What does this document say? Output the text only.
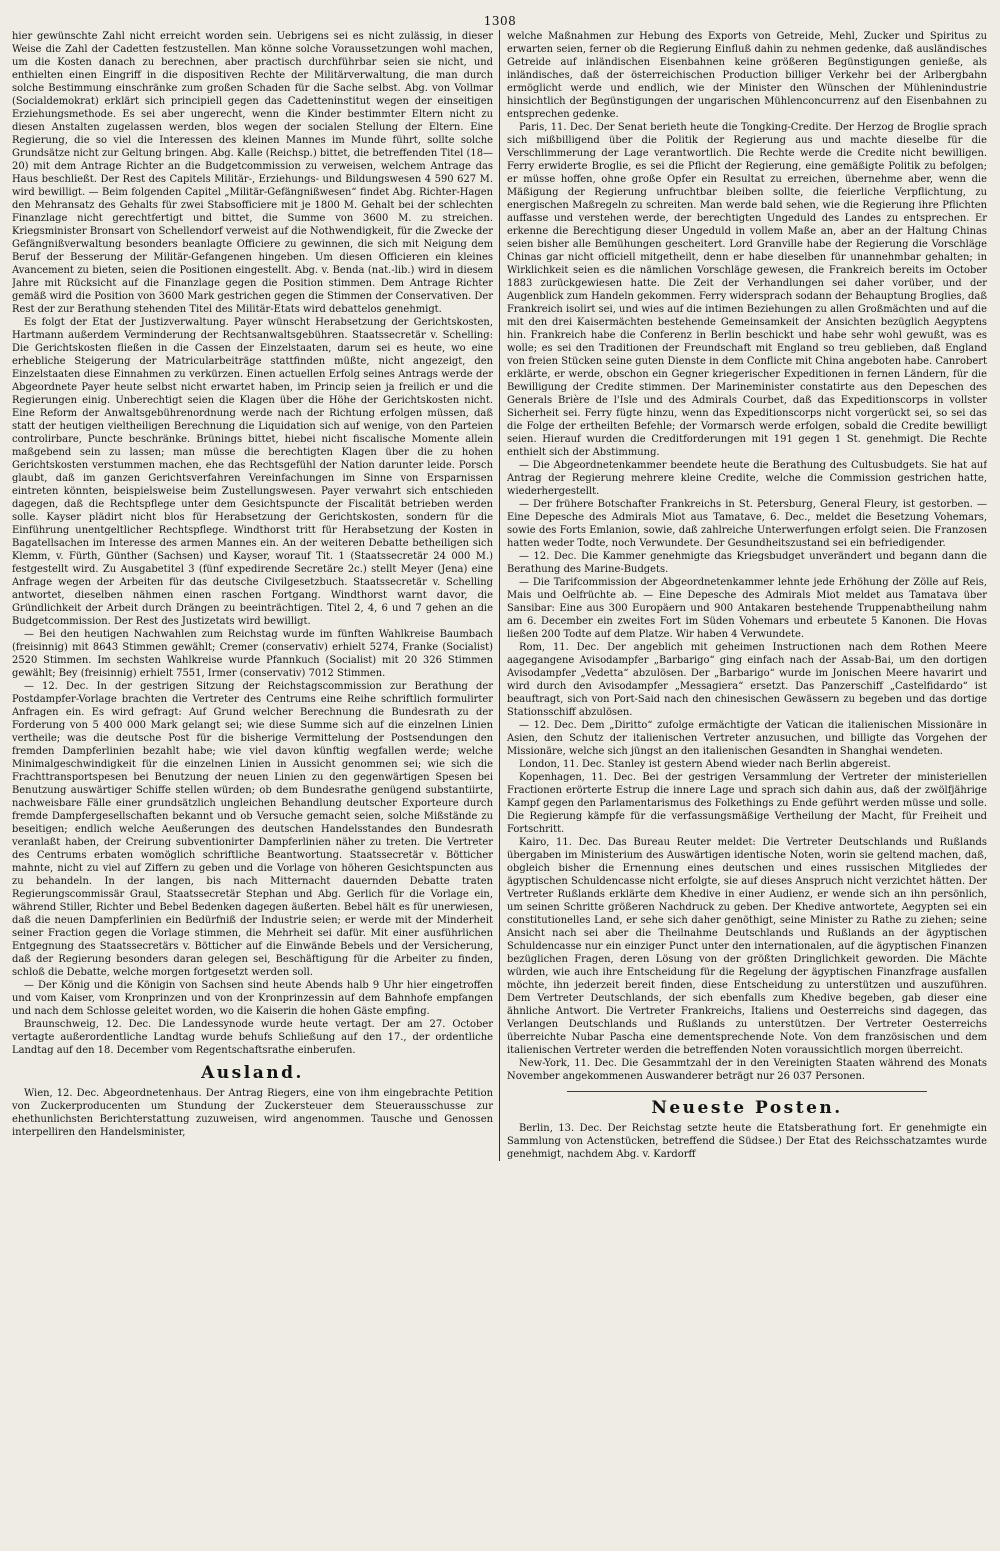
1308

hier gewünschte Zahl nicht erreicht worden sein. Uebrigens sei es nicht zulässig, in dieser Weise die Zahl der Cadetten festzustellen. Man könne solche Voraussetzungen wohl machen, um die Kosten danach zu berechnen, aber practisch durchführbar seien sie nicht, und enthielten einen Eingriff in die dispositiven Rechte der Militärverwaltung, die man durch solche Bestimmung einschränke zum großen Schaden für die Sache selbst. Abg. von Vollmar (Socialdemokrat) erklärt sich principiell gegen das Cadetteninstitut wegen der einseitigen Erziehungsmethode. Es sei aber ungerecht, wenn die Kinder bestimmter Eltern nicht zu diesen Anstalten zugelassen werden, blos wegen der socialen Stellung der Eltern. Eine Regierung, die so viel die Interessen des kleinen Mannes im Munde führt, sollte solche Grundsätze nicht zur Geltung bringen. Abg. Kalle (Reichsp.) bittet, die betreffenden Titel (18—20) mit dem Antrage Richter an die Budgetcommission zu verweisen, welchem Antrage das Haus beschließt. Der Rest des Capitels Militär-, Erziehungs- und Bildungswesen 4 590 627 M. wird bewilligt. — Beim folgenden Capitel „Militär-Gefängnißwesen“ findet Abg. Richter-Hagen den Mehransatz des Gehalts für zwei Stabsofficiere mit je 1800 M. Gehalt bei der schlechten Finanzlage nicht gerechtfertigt und bittet, die Summe von 3600 M. zu streichen. Kriegsminister Bronsart von Schellendorf verweist auf die Nothwendigkeit, für die Zwecke der Gefängnißverwaltung besonders beanlagte Officiere zu gewinnen, die sich mit Neigung dem Beruf der Besserung der Militär-Gefangenen hingeben. Um diesen Officieren ein kleines Avancement zu bieten, seien die Positionen eingestellt. Abg. v. Benda (nat.-lib.) wird in diesem Jahre mit Rücksicht auf die Finanzlage gegen die Position stimmen. Dem Antrage Richter gemäß wird die Position von 3600 Mark gestrichen gegen die Stimmen der Conservativen. Der Rest der zur Berathung stehenden Titel des Militär-Etats wird debattelos genehmigt.

Es folgt der Etat der Justizverwaltung. Payer wünscht Herabsetzung der Gerichtskosten, Hartmann außerdem Verminderung der Rechtsanwaltsgebühren. Staatssecretär v. Schelling: Die Gerichtskosten fließen in die Cassen der Einzelstaaten, darum sei es heute, wo eine erhebliche Steigerung der Matricularbeiträge stattfinden müßte, nicht angezeigt, den Einzelstaaten diese Einnahmen zu verkürzen. Einen actuellen Erfolg seines Antrags werde der Abgeordnete Payer heute selbst nicht erwartet haben, im Princip seien ja freilich er und die Regierungen einig. Unberechtigt seien die Klagen über die Höhe der Gerichtskosten nicht. Eine Reform der Anwaltsgebührenordnung werde nach der Richtung erfolgen müssen, daß statt der heutigen vieltheiligen Berechnung die Liquidation sich auf wenige, von den Parteien controlirbare, Puncte beschränke. Brünings bittet, hiebei nicht fiscalische Momente allein maßgebend sein zu lassen; man müsse die berechtigten Klagen über die zu hohen Gerichtskosten verstummen machen, ehe das Rechtsgefühl der Nation darunter leide. Porsch glaubt, daß im ganzen Gerichtsverfahren Vereinfachungen im Sinne von Ersparnissen eintreten könnten, beispielsweise beim Zustellungswesen. Payer verwahrt sich entschieden dagegen, daß die Rechtspflege unter dem Gesichtspuncte der Fiscalität betrieben werden solle. Kayser plädirt nicht blos für Herabsetzung der Gerichtskosten, sondern für die Einführung unentgeltlicher Rechtspflege. Windthorst tritt für Herabsetzung der Kosten in Bagatellsachen im Interesse des armen Mannes ein. An der weiteren Debatte betheiligen sich Klemm, v. Fürth, Günther (Sachsen) und Kayser, worauf Tit. 1 (Staatssecretär 24 000 M.) festgestellt wird. Zu Ausgabetitel 3 (fünf expedirende Secretäre 2c.) stellt Meyer (Jena) eine Anfrage wegen der Arbeiten für das deutsche Civilgesetzbuch. Staatssecretär v. Schelling antwortet, dieselben nähmen einen raschen Fortgang. Windthorst warnt davor, die Gründlichkeit der Arbeit durch Drängen zu beeinträchtigen. Titel 2, 4, 6 und 7 gehen an die Budgetcommission. Der Rest des Justizetats wird bewilligt.

— Bei den heutigen Nachwahlen zum Reichstag wurde im fünften Wahlkreise Baumbach (freisinnig) mit 8643 Stimmen gewählt; Cremer (conservativ) erhielt 5274, Franke (Socialist) 2520 Stimmen. Im sechsten Wahlkreise wurde Pfannkuch (Socialist) mit 20 326 Stimmen gewählt; Bey (freisinnig) erhielt 7551, Irmer (conservativ) 7012 Stimmen.

— 12. Dec. In der gestrigen Sitzung der Reichstagscommission zur Berathung der Postdampfer-Vorlage brachten die Vertreter des Centrums eine Reihe schriftlich formulirter Anfragen ein. Es wird gefragt: Auf Grund welcher Berechnung die Bundesrath zu der Forderung von 5 400 000 Mark gelangt sei; wie diese Summe sich auf die einzelnen Linien vertheile; was die deutsche Post für die bisherige Vermittelung der Postsendungen den fremden Dampferlinien bezahlt habe; wie viel davon künftig wegfallen werde; welche Minimalgeschwindigkeit für die einzelnen Linien in Aussicht genommen sei; wie sich die Frachttransportspesen bei Benutzung der neuen Linien zu den gegenwärtigen Spesen bei Benutzung auswärtiger Schiffe stellen würden; ob dem Bundesrathe genügend substantiirte, nachweisbare Fälle einer grundsätzlich ungleichen Behandlung deutscher Exporteure durch fremde Dampfergesellschaften bekannt und ob Versuche gemacht seien, solche Mißstände zu beseitigen; endlich welche Aeußerungen des deutschen Handelsstandes den Bundesrath veranlaßt haben, der Creirung subventionirter Dampferlinien näher zu treten. Die Vertreter des Centrums erbaten womöglich schriftliche Beantwortung. Staatssecretär v. Bötticher mahnte, nicht zu viel auf Ziffern zu geben und die Vorlage von höheren Gesichtspuncten aus zu behandeln. In der langen, bis nach Mitternacht dauernden Debatte traten Regierungscommissär Graul, Staatssecretär Stephan und Abg. Gerlich für die Vorlage ein, während Stiller, Richter und Bebel Bedenken dagegen äußerten. Bebel hält es für unerwiesen, daß die neuen Dampferlinien ein Bedürfniß der Industrie seien; er werde mit der Minderheit seiner Fraction gegen die Vorlage stimmen, die Mehrheit sei dafür. Mit einer ausführlichen Entgegnung des Staatssecretärs v. Bötticher auf die Einwände Bebels und der Versicherung, daß der Regierung besonders daran gelegen sei, Beschäftigung für die Arbeiter zu finden, schloß die Debatte, welche morgen fortgesetzt werden soll.

— Der König und die Königin von Sachsen sind heute Abends halb 9 Uhr hier eingetroffen und vom Kaiser, vom Kronprinzen und von der Kronprinzessin auf dem Bahnhofe empfangen und nach dem Schlosse geleitet worden, wo die Kaiserin die hohen Gäste empfing.

Braunschweig, 12. Dec. Die Landessynode wurde heute vertagt. Der am 27. October vertagte außerordentliche Landtag wurde behufs Schließung auf den 17., der ordentliche Landtag auf den 18. December vom Regentschaftsrathe einberufen.

Ausland.

Wien, 12. Dec. Abgeordnetenhaus. Der Antrag Riegers, eine von ihm eingebrachte Petition von Zuckerproducenten um Stundung der Zuckersteuer dem Steuerausschusse zur ehethunlichsten Berichterstattung zuzuweisen, wird angenommen. Tausche und Genossen interpelliren den Handelsminister,

welche Maßnahmen zur Hebung des Exports von Getreide, Mehl, Zucker und Spiritus zu erwarten seien, ferner ob die Regierung Einfluß dahin zu nehmen gedenke, daß ausländisches Getreide auf inländischen Eisenbahnen keine größeren Begünstigungen genieße, als inländisches, daß der österreichischen Production billiger Verkehr bei der Arlbergbahn ermöglicht werde und endlich, wie der Minister den Wünschen der Mühlenindustrie hinsichtlich der Begünstigungen der ungarischen Mühlenconcurrenz auf den Eisenbahnen zu entsprechen gedenke.

Paris, 11. Dec. Der Senat berieth heute die Tongking-Credite. Der Herzog de Broglie sprach sich mißbilligend über die Politik der Regierung aus und machte dieselbe für die Verschlimmerung der Lage verantwortlich. Die Rechte werde die Credite nicht bewilligen. Ferry erwiderte Broglie, es sei die Pflicht der Regierung, eine gemäßigte Politik zu befolgen; er müsse hoffen, ohne große Opfer ein Resultat zu erreichen, übernehme aber, wenn die Mäßigung der Regierung unfruchtbar bleiben sollte, die feierliche Verpflichtung, zu energischen Maßregeln zu schreiten. Man werde bald sehen, wie die Regierung ihre Pflichten auffasse und verstehen werde, der berechtigten Ungeduld des Landes zu entsprechen. Er erkenne die Berechtigung dieser Ungeduld in vollem Maße an, aber an der Haltung Chinas seien bisher alle Bemühungen gescheitert. Lord Granville habe der Regierung die Vorschläge Chinas gar nicht officiell mitgetheilt, denn er habe dieselben für unannehmbar gehalten; in Wirklichkeit seien es die nämlichen Vorschläge gewesen, die Frankreich bereits im October 1883 zurückgewiesen hatte. Die Zeit der Verhandlungen sei daher vorüber, und der Augenblick zum Handeln gekommen. Ferry widersprach sodann der Behauptung Broglies, daß Frankreich isolirt sei, und wies auf die intimen Beziehungen zu allen Großmächten und auf die mit den drei Kaisermächten bestehende Gemeinsamkeit der Ansichten bezüglich Aegyptens hin. Frankreich habe die Conferenz in Berlin beschickt und habe sehr wohl gewußt, was es wolle; es sei den Traditionen der Freundschaft mit England so treu geblieben, daß England von freien Stücken seine guten Dienste in dem Conflicte mit China angeboten habe. Canrobert erklärte, er werde, obschon ein Gegner kriegerischer Expeditionen in fernen Ländern, für die Bewilligung der Credite stimmen. Der Marineminister constatirte aus den Depeschen des Generals Brière de l'Isle und des Admirals Courbet, daß das Expeditionscorps in vollster Sicherheit sei. Ferry fügte hinzu, wenn das Expeditionscorps nicht vorgerückt sei, so sei das die Folge der ertheilten Befehle; der Vormarsch werde erfolgen, sobald die Credite bewilligt seien. Hierauf wurden die Creditforderungen mit 191 gegen 1 St. genehmigt. Die Rechte enthielt sich der Abstimmung.

— Die Abgeordnetenkammer beendete heute die Berathung des Cultusbudgets. Sie hat auf Antrag der Regierung mehrere kleine Credite, welche die Commission gestrichen hatte, wiederhergestellt.

— Der frühere Botschafter Frankreichs in St. Petersburg, General Fleury, ist gestorben. — Eine Depesche des Admirals Miot aus Tamatave, 6. Dec., meldet die Besetzung Vohemars, sowie des Forts Emlanion, sowie, daß zahlreiche Unterwerfungen erfolgt seien. Die Franzosen hatten weder Todte, noch Verwundete. Der Gesundheitszustand sei ein befriedigender.

— 12. Dec. Die Kammer genehmigte das Kriegsbudget unverändert und begann dann die Berathung des Marine-Budgets.

— Die Tarifcommission der Abgeordnetenkammer lehnte jede Erhöhung der Zölle auf Reis, Mais und Oelfrüchte ab. — Eine Depesche des Admirals Miot meldet aus Tamatava über Sansibar: Eine aus 300 Europäern und 900 Antakaren bestehende Truppenabtheilung nahm am 6. December ein zweites Fort im Süden Vohemars und erbeutete 5 Kanonen. Die Hovas ließen 200 Todte auf dem Platze. Wir haben 4 Verwundete.

Rom, 11. Dec. Der angeblich mit geheimen Instructionen nach dem Rothen Meere aagegangene Avisodampfer „Barbarigo“ ging einfach nach der Assab-Bai, um den dortigen Avisodampfer „Vedetta“ abzulösen. Der „Barbarigo“ wurde im Jonischen Meere havarirt und wird durch den Avisodampfer „Messagiera“ ersetzt. Das Panzerschiff „Castelfidardo“ ist beauftragt, sich von Port-Said nach den chinesischen Gewässern zu begeben und das dortige Stationsschiff abzulösen.

— 12. Dec. Dem „Diritto“ zufolge ermächtigte der Vatican die italienischen Missionäre in Asien, den Schutz der italienischen Vertreter anzusuchen, und billigte das Vorgehen der Missionäre, welche sich jüngst an den italienischen Gesandten in Shanghai wendeten.

London, 11. Dec. Stanley ist gestern Abend wieder nach Berlin abgereist.

Kopenhagen, 11. Dec. Bei der gestrigen Versammlung der Vertreter der ministeriellen Fractionen erörterte Estrup die innere Lage und sprach sich dahin aus, daß der zwölfjährige Kampf gegen den Parlamentarismus des Folkethings zu Ende geführt werden müsse und solle. Die Regierung kämpfe für die verfassungsmäßige Vertheilung der Macht, für Freiheit und Fortschritt.

Kairo, 11. Dec. Das Bureau Reuter meldet: Die Vertreter Deutschlands und Rußlands übergaben im Ministerium des Auswärtigen identische Noten, worin sie geltend machen, daß, obgleich bisher die Ernennung eines deutschen und eines russischen Mitgliedes der ägyptischen Schuldencasse nicht erfolgte, sie auf dieses Anspruch nicht verzichtet hätten. Der Vertreter Rußlands erklärte dem Khedive in einer Audienz, er wende sich an ihn persönlich, um seinen Schritte größeren Nachdruck zu geben. Der Khedive antwortete, Aegypten sei ein constitutionelles Land, er sehe sich daher genöthigt, seine Minister zu Rathe zu ziehen; seine Ansicht nach sei aber die Theilnahme Deutschlands und Rußlands an der ägyptischen Schuldencasse nur ein einziger Punct unter den internationalen, auf die ägyptischen Finanzen bezüglichen Fragen, deren Lösung von der größten Dringlichkeit geworden. Die Mächte würden, wie auch ihre Entscheidung für die Regelung der ägyptischen Finanzfrage ausfallen möchte, ihn jederzeit bereit finden, diese Entscheidung zu unterstützen und auszuführen. Dem Vertreter Deutschlands, der sich ebenfalls zum Khedive begeben, gab dieser eine ähnliche Antwort. Die Vertreter Frankreichs, Italiens und Oesterreichs sind dagegen, das Verlangen Deutschlands und Rußlands zu unterstützen. Der Vertreter Oesterreichs überreichte Nubar Pascha eine dementsprechende Note. Von dem französischen und dem italienischen Vertreter werden die betreffenden Noten voraussichtlich morgen überreicht.

New-York, 11. Dec. Die Gesammtzahl der in den Vereinigten Staaten während des Monats November angekommenen Auswanderer beträgt nur 26 037 Personen.

Neueste Posten.

Berlin, 13. Dec. Der Reichstag setzte heute die Etatsberathung fort. Er genehmigte ein Sammlung von Actenstücken, betreffend die Südsee.) Der Etat des Reichsschatzamtes wurde genehmigt, nachdem Abg. v. Kardorff
